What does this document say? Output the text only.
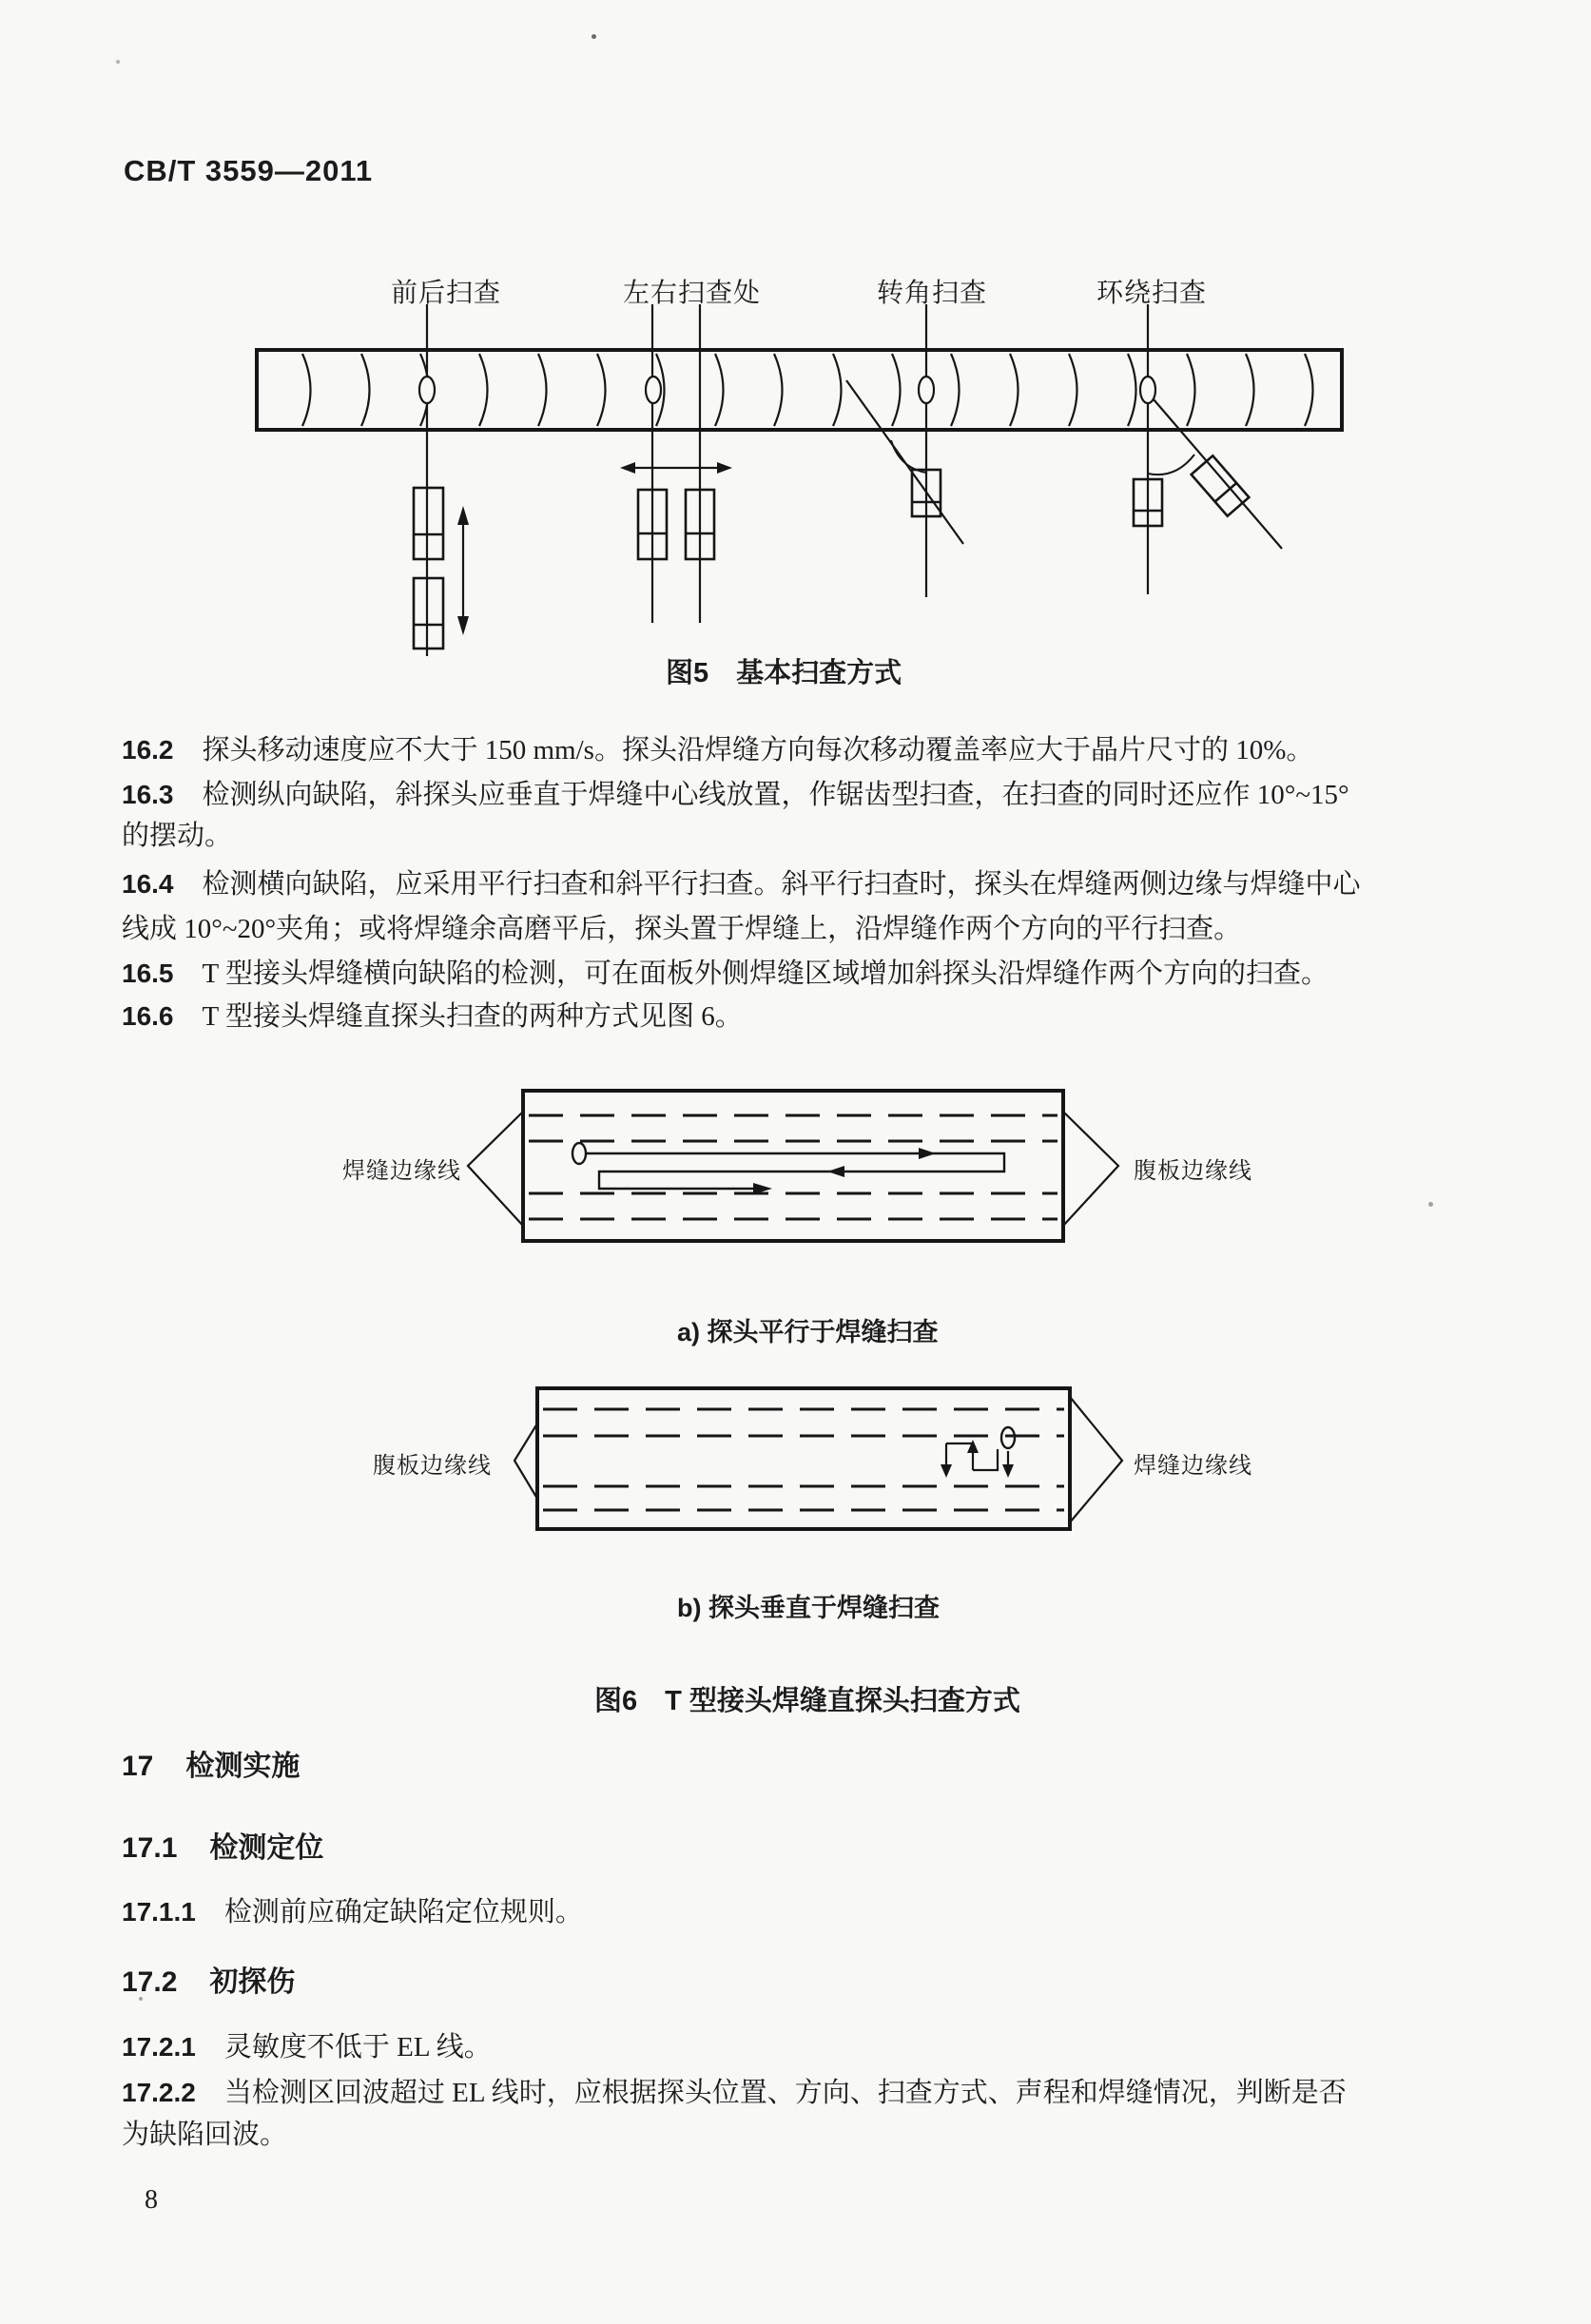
CB/T 3559—2011
前后扫查	左右扫查处	转角扫查	环绕扫查
图5　基本扫查方式
16.2 探头移动速度应不大于 150 mm/s。探头沿焊缝方向每次移动覆盖率应大于晶片尺寸的 10%。
16.3 检测纵向缺陷，斜探头应垂直于焊缝中心线放置，作锯齿型扫查，在扫查的同时还应作 10°~15°
的摆动。
16.4 检测横向缺陷，应采用平行扫查和斜平行扫查。斜平行扫查时，探头在焊缝两侧边缘与焊缝中心
线成 10°~20°夹角；或将焊缝余高磨平后，探头置于焊缝上，沿焊缝作两个方向的平行扫查。
16.5 T 型接头焊缝横向缺陷的检测，可在面板外侧焊缝区域增加斜探头沿焊缝作两个方向的扫查。
16.6 T 型接头焊缝直探头扫查的两种方式见图 6。
焊缝边缘线	腹板边缘线
a) 探头平行于焊缝扫查
腹板边缘线	焊缝边缘线
b) 探头垂直于焊缝扫查
图6　T 型接头焊缝直探头扫查方式
17 检测实施
17.1 检测定位
17.1.1 检测前应确定缺陷定位规则。
17.2 初探伤
17.2.1 灵敏度不低于 EL 线。
17.2.2 当检测区回波超过 EL 线时，应根据探头位置、方向、扫查方式、声程和焊缝情况，判断是否
为缺陷回波。
8
